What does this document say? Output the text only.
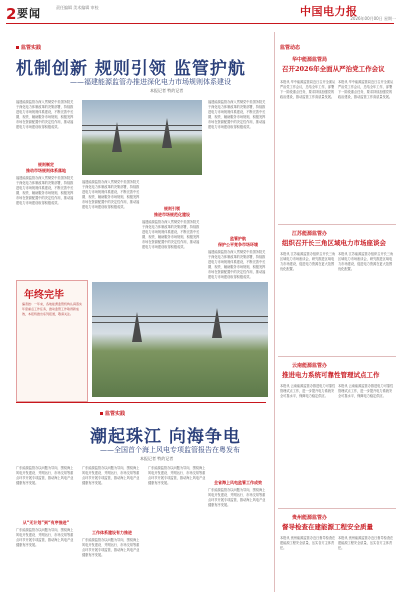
2 要闻	责任编辑 美术编辑 审校	中国电力报
2026年00月00日 星期一
监管实践
机制创新 规则引领 监管护航
——福建能源监管办推进深化电力市场规则体系建设
本报记者 特约记者
福建能源监管办深入贯彻党中央国务院关于深化电力体制改革的决策部署，持续推进电力市场规则体系建设，不断完善中长期、现货、辅助服务市场规则，积极发挥市场在资源配置中的决定性作用，推动福建电力市场建设取得积极成效。
规则制定
推动市场规则体系落地
福建能源监管办深入贯彻党中央国务院关于深化电力体制改革的决策部署，持续推进电力市场规则体系建设，不断完善中长期、现货、辅助服务市场规则，积极发挥市场在资源配置中的决定性作用，推动福建电力市场建设取得积极成效。
福建能源监管办深入贯彻党中央国务院关于深化电力体制改革的决策部署，持续推进电力市场规则体系建设，不断完善中长期、现货、辅助服务市场规则，积极发挥市场在资源配置中的决定性作用，推动福建电力市场建设取得积极成效。	规则引领
推进市场规范化建设
福建能源监管办深入贯彻党中央国务院关于深化电力体制改革的决策部署，持续推进电力市场规则体系建设，不断完善中长期、现货、辅助服务市场规则，积极发挥市场在资源配置中的决定性作用，推动福建电力市场建设取得积极成效。
福建能源监管办深入贯彻党中央国务院关于深化电力体制改革的决策部署，持续推进电力市场规则体系建设，不断完善中长期、现货、辅助服务市场规则，积极发挥市场在资源配置中的决定性作用，推动福建电力市场建设取得积极成效。
监管护航
保护公平竞争市场环境
福建能源监管办深入贯彻党中央国务院关于深化电力体制改革的决策部署，持续推进电力市场规则体系建设，不断完善中长期、现货、辅助服务市场规则，积极发挥市场在资源配置中的决定性作用，推动福建电力市场建设取得积极成效。
年终完毕
编者按：一年来，各地能源监管机构认真落实年度重点工作任务，推动监管工作取得新成效，本报特推出系列报道，敬请关注。
监管实践
潮起珠江 向海争电
——全国首个海上风电专项监管报告在粤发布
本报记者 特约记者
广东能源监管办以问题为导向，围绕海上风电开发建设、并网运行、市场交易等重点环节开展专项监管，推动海上风电产业健康有序发展。
从“无计划”到“有序推进”
广东能源监管办以问题为导向，围绕海上风电开发建设、并网运行、市场交易等重点环节开展专项监管，推动海上风电产业健康有序发展。
广东能源监管办以问题为导向，围绕海上风电开发建设、并网运行、市场交易等重点环节开展专项监管，推动海上风电产业健康有序发展。
工作体系建设有力推进
广东能源监管办以问题为导向，围绕海上风电开发建设、并网运行、市场交易等重点环节开展专项监管，推动海上风电产业健康有序发展。
广东能源监管办以问题为导向，围绕海上风电开发建设、并网运行、市场交易等重点环节开展专项监管，推动海上风电产业健康有序发展。	全省海上风电监管工作成效
广东能源监管办以问题为导向，围绕海上风电开发建设、并网运行、市场交易等重点环节开展专项监管，推动海上风电产业健康有序发展。
监管动态
华中能源监管局
召开2026年全面从严治党工作会议
本报讯 华中能源监管局近日召开全面从严治党工作会议，总结全年工作，部署下一阶段重点任务，要求持续加强党的政治建设，推动监管工作高质量发展。
本报讯 华中能源监管局近日召开全面从严治党工作会议，总结全年工作，部署下一阶段重点任务，要求持续加强党的政治建设，推动监管工作高质量发展。
江苏能源监管办
组织召开长三角区域电力市场座谈会
本报讯 江苏能源监管办组织召开长三角区域电力市场座谈会，研究推进区域电力市场建设，促进电力资源在更大范围优化配置。
本报讯 江苏能源监管办组织召开长三角区域电力市场座谈会，研究推进区域电力市场建设，促进电力资源在更大范围优化配置。
云南能源监管办
推进电力系统可靠性管理试点工作
本报讯 云南能源监管办推进电力可靠性管理试点工作，进一步提升电力系统安全可靠水平，保障电力稳定供应。
本报讯 云南能源监管办推进电力可靠性管理试点工作，进一步提升电力系统安全可靠水平，保障电力稳定供应。
贵州能源监管办
督导检查在建能源工程安全质量
本报讯 贵州能源监管办近日督导检查在建能源工程安全质量，压实各方主体责任。
本报讯 贵州能源监管办近日督导检查在建能源工程安全质量，压实各方主体责任。
